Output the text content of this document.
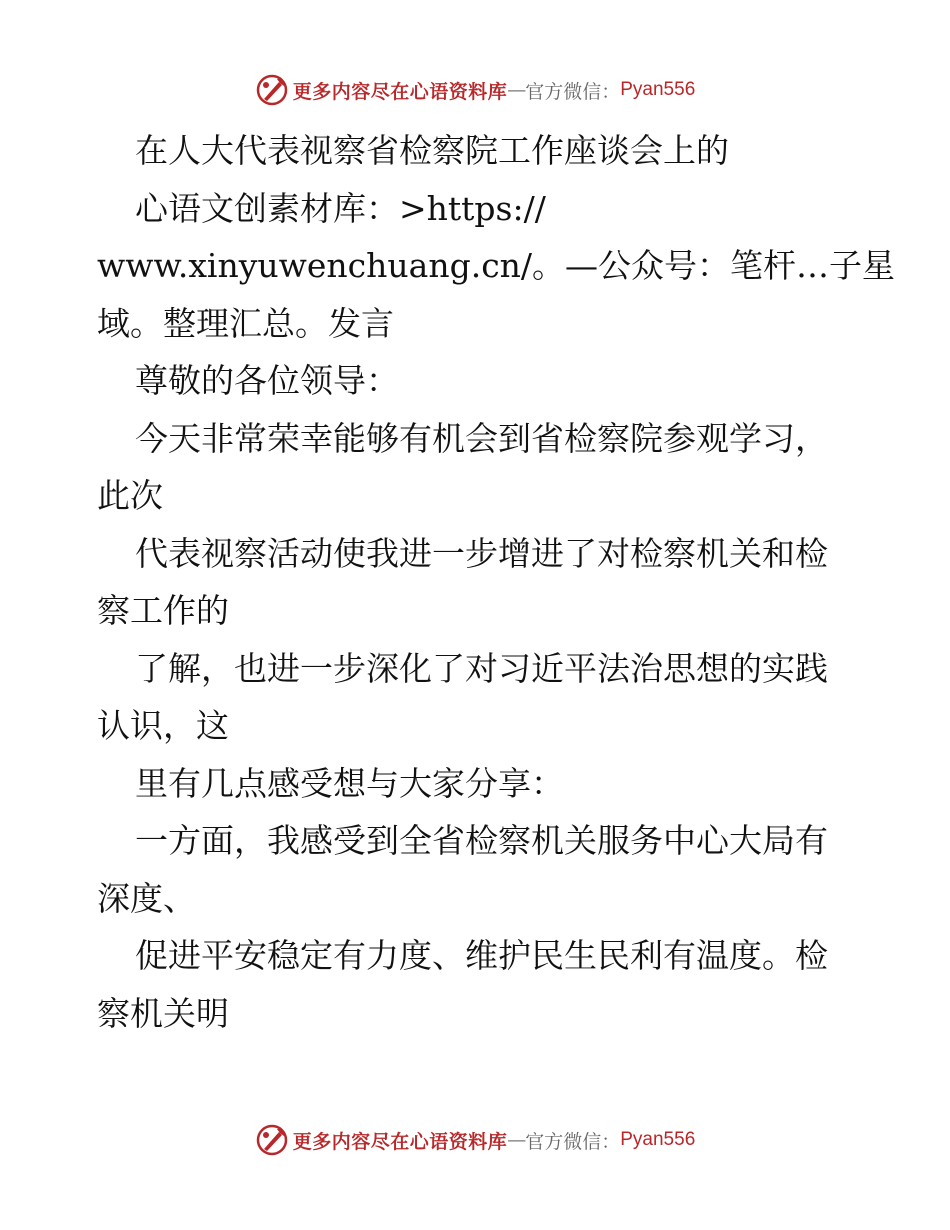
更多内容尽在心语资料库 — 官方微信： Pyan556
在人大代表视察省检察院工作座谈会上的
心语文创素材库：>https://
www.xinyuwenchuang.cn/。—公众号：笔杆…子星
域。整理汇总。发言
尊敬的各位领导：
今天非常荣幸能够有机会到省检察院参观学习，
此次
代表视察活动使我进一步增进了对检察机关和检
察工作的
了解，也进一步深化了对习近平法治思想的实践
认识，这
里有几点感受想与大家分享：
一方面，我感受到全省检察机关服务中心大局有
深度、
促进平安稳定有力度、维护民生民利有温度。检
察机关明
更多内容尽在心语资料库 — 官方微信： Pyan556
